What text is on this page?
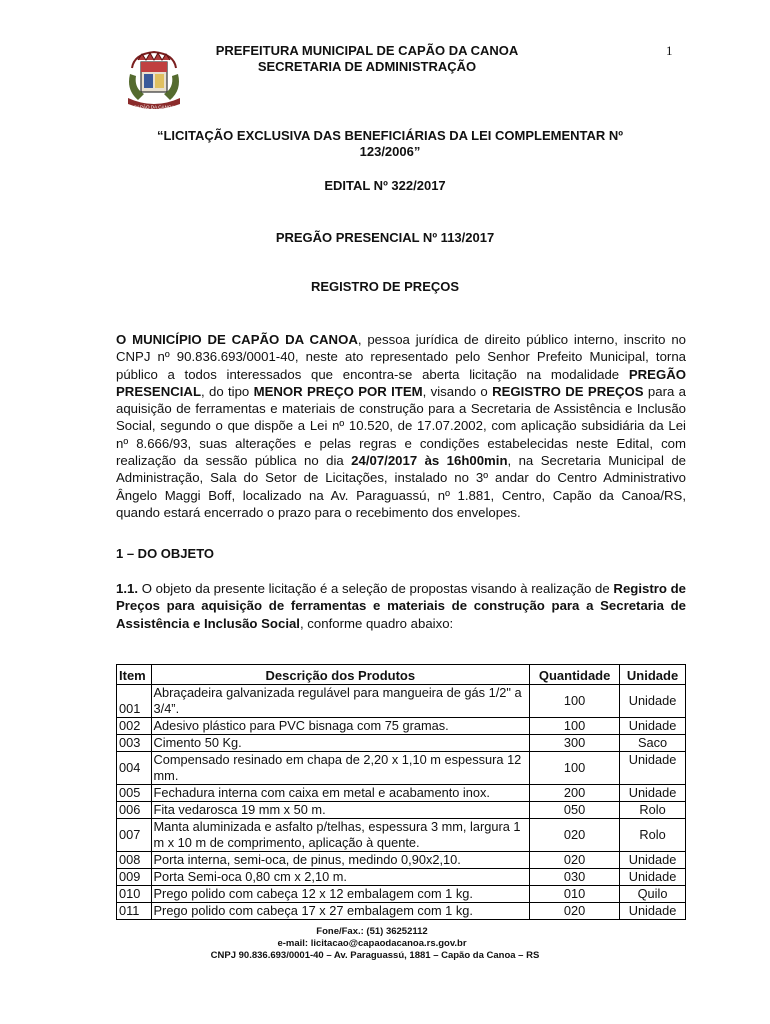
CAPÃO DA CANOA
PREFEITURA MUNICIPAL DE CAPÃO DA CANOA
SECRETARIA DE ADMINISTRAÇÃO
1
“LICITAÇÃO EXCLUSIVA DAS BENEFICIÁRIAS DA LEI COMPLEMENTAR Nº 123/2006”
EDITAL Nº 322/2017
PREGÃO PRESENCIAL Nº 113/2017
REGISTRO DE PREÇOS
O MUNICÍPIO DE CAPÃO DA CANOA, pessoa jurídica de direito público interno, inscrito no CNPJ nº 90.836.693/0001-40, neste ato representado pelo Senhor Prefeito Municipal, torna público a todos interessados que encontra-se aberta licitação na modalidade PREGÃO PRESENCIAL, do tipo MENOR PREÇO POR ITEM, visando o REGISTRO DE PREÇOS para a aquisição de ferramentas e materiais de construção para a Secretaria de Assistência e Inclusão Social, segundo o que dispõe a Lei nº 10.520, de 17.07.2002, com aplicação subsidiária da Lei nº 8.666/93, suas alterações e pelas regras e condições estabelecidas neste Edital, com realização da sessão pública no dia 24/07/2017 às 16h00min, na Secretaria Municipal de Administração, Sala do Setor de Licitações, instalado no 3º andar do Centro Administrativo Ângelo Maggi Boff, localizado na Av. Paraguassú, nº 1.881, Centro, Capão da Canoa/RS, quando estará encerrado o prazo para o recebimento dos envelopes.
1 – DO OBJETO
1.1. O objeto da presente licitação é a seleção de propostas visando à realização de Registro de Preços para aquisição de ferramentas e materiais de construção para a Secretaria de Assistência e Inclusão Social, conforme quadro abaixo:
Item	Descrição dos Produtos	Quantidade	Unidade
001	Abraçadeira galvanizada regulável para mangueira de gás 1/2" a 3/4”.	100	Unidade
002	Adesivo plástico para PVC bisnaga com 75 gramas.	100	Unidade
003	Cimento 50 Kg.	300	Saco
004	Compensado resinado em chapa de 2,20 x 1,10 m espessura 12 mm.	100	Unidade
005	Fechadura interna com caixa em metal e acabamento inox.	200	Unidade
006	Fita vedarosca 19 mm x 50 m.	050	Rolo
007	Manta aluminizada e asfalto p/telhas, espessura 3 mm, largura 1 m x 10 m de comprimento, aplicação à quente.	020	Rolo
008	Porta interna, semi-oca, de pinus, medindo 0,90x2,10.	020	Unidade
009	Porta Semi-oca 0,80 cm x 2,10 m.	030	Unidade
010	Prego polido com cabeça 12 x 12 embalagem com 1 kg.	010	Quilo
011	Prego polido com cabeça 17 x 27 embalagem com 1 kg.	020	Unidade
Fone/Fax.: (51) 36252112
e-mail: licitacao@capaodacanoa.rs.gov.br
CNPJ 90.836.693/0001-40 – Av. Paraguassú, 1881 – Capão da Canoa – RS
